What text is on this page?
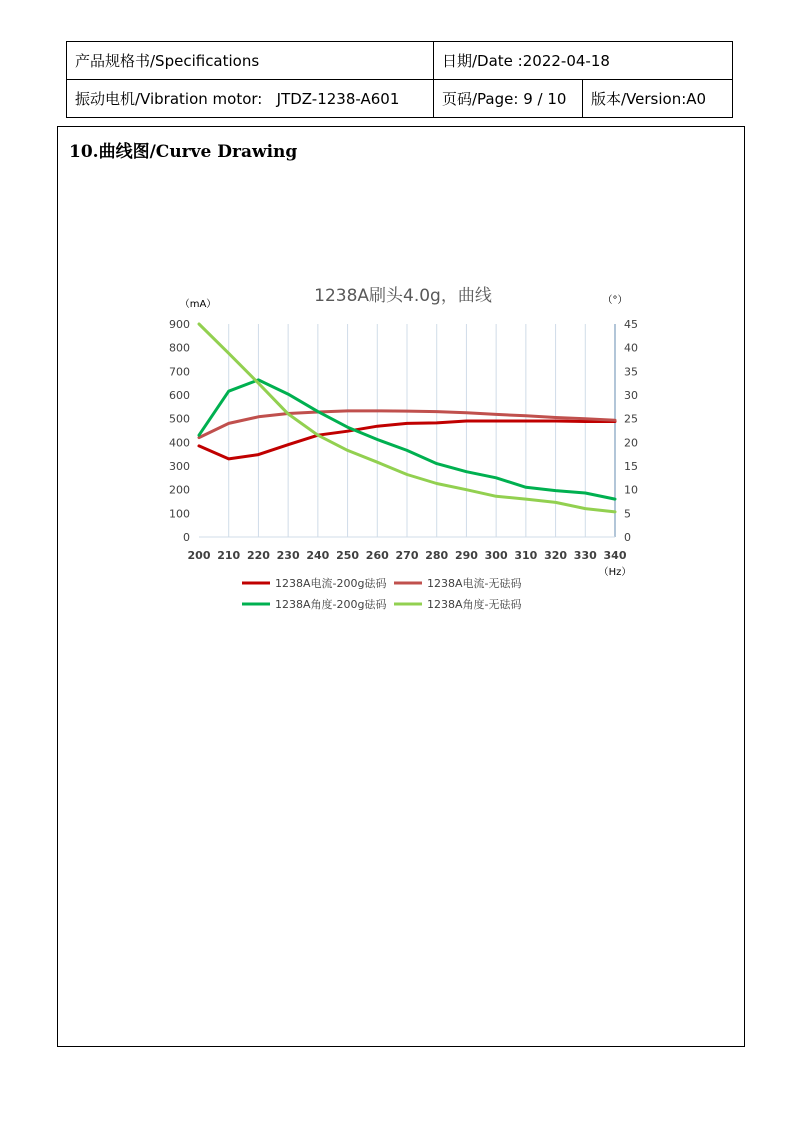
产品规格书/Specifications	日期/Date :2022-04-18	
振动电机/Vibration motor: JTDZ-1238-A601	页码/Page: 9 / 10	版本/Version:A0
10.曲线图/Curve Drawing
200 210 220 230 240 250 260 270 280 290 300 310 320 330 340
0
100
200
300
400
500
600
700
800
900
0
5
10
15
20
25
30
35
40
45
1238A电流-200g砝码	1238A电流-无砝码
1238A角度-200g砝码	1238A角度-无砝码
1238A刷头4.0g，曲线
（mA）	（°）
（Hz）
